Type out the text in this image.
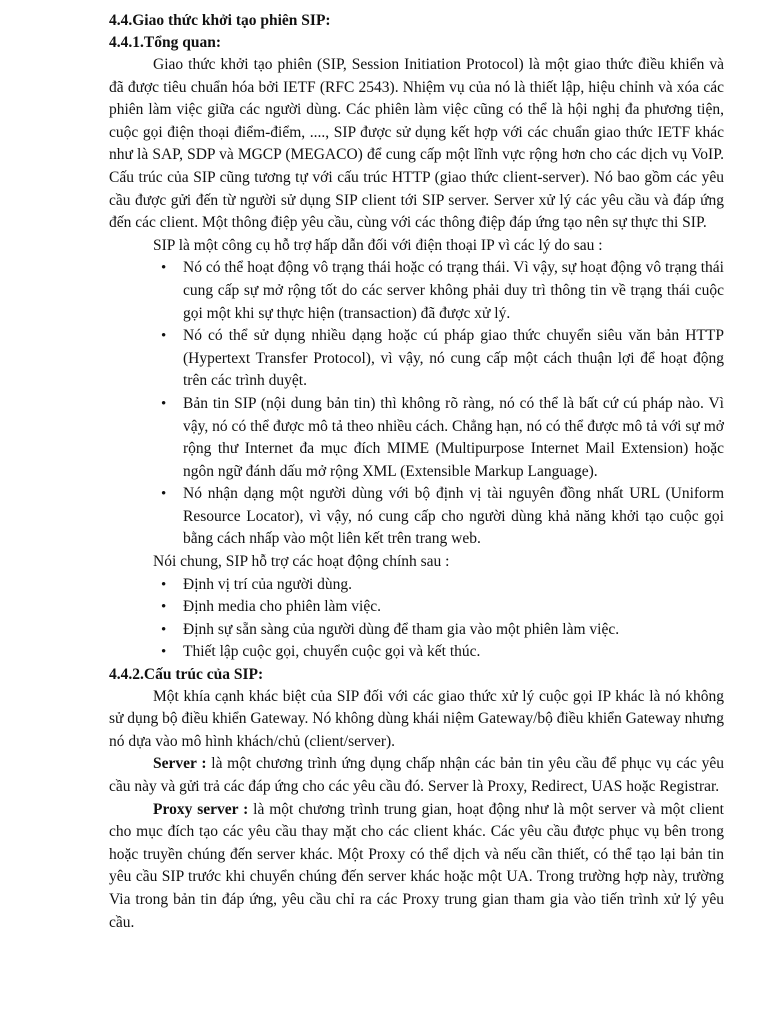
4.4.Giao thức khởi tạo phiên SIP:
4.4.1.Tổng quan:

Giao thức khởi tạo phiên (SIP, Session Initiation Protocol) là một giao thức điều khiển và đã được tiêu chuẩn hóa bởi IETF (RFC 2543). Nhiệm vụ của nó là thiết lập, hiệu chỉnh và xóa các phiên làm việc giữa các người dùng. Các phiên làm việc cũng có thể là hội nghị đa phương tiện, cuộc gọi điện thoại điểm-điểm, ...., SIP được sử dụng kết hợp với các chuẩn giao thức IETF khác như là SAP, SDP và MGCP (MEGACO) để cung cấp một lĩnh vực rộng hơn cho các dịch vụ VoIP. Cấu trúc của SIP cũng tương tự với cấu trúc HTTP (giao thức client-server). Nó bao gồm các yêu cầu được gửi đến từ người sử dụng SIP client tới SIP server. Server xử lý các yêu cầu và đáp ứng đến các client. Một thông điệp yêu cầu, cùng với các thông điệp đáp ứng tạo nên sự thực thi SIP.

SIP là một công cụ hỗ trợ hấp dẫn đối với điện thoại IP vì các lý do sau :

• Nó có thể hoạt động vô trạng thái hoặc có trạng thái. Vì vậy, sự hoạt động vô trạng thái cung cấp sự mở rộng tốt do các server không phải duy trì thông tin về trạng thái cuộc gọi một khi sự thực hiện (transaction) đã được xử lý.
• Nó có thể sử dụng nhiều dạng hoặc cú pháp giao thức chuyển siêu văn bản HTTP (Hypertext Transfer Protocol), vì vậy, nó cung cấp một cách thuận lợi để hoạt động trên các trình duyệt.
• Bản tin SIP (nội dung bản tin) thì không rõ ràng, nó có thể là bất cứ cú pháp nào. Vì vậy, nó có thể được mô tả theo nhiều cách. Chẳng hạn, nó có thể được mô tả với sự mở rộng thư Internet đa mục đích MIME (Multipurpose Internet Mail Extension) hoặc ngôn ngữ đánh dấu mở rộng XML (Extensible Markup Language).
• Nó nhận dạng một người dùng với bộ định vị tài nguyên đồng nhất URL (Uniform Resource Locator), vì vậy, nó cung cấp cho người dùng khả năng khởi tạo cuộc gọi bằng cách nhấp vào một liên kết trên trang web.

Nói chung, SIP hỗ trợ các hoạt động chính sau :

• Định vị trí của người dùng.
• Định media cho phiên làm việc.
• Định sự sẵn sàng của người dùng để tham gia vào một phiên làm việc.
• Thiết lập cuộc gọi, chuyển cuộc gọi và kết thúc.
4.4.2.Cấu trúc của SIP:

Một khía cạnh khác biệt của SIP đối với các giao thức xử lý cuộc gọi IP khác là nó không sử dụng bộ điều khiển Gateway. Nó không dùng khái niệm Gateway/bộ điều khiển Gateway nhưng nó dựa vào mô hình khách/chủ (client/server).

Server : là một chương trình ứng dụng chấp nhận các bản tin yêu cầu để phục vụ các yêu cầu này và gửi trả các đáp ứng cho các yêu cầu đó. Server là Proxy, Redirect, UAS hoặc Registrar.

Proxy server : là một chương trình trung gian, hoạt động như là một server và một client cho mục đích tạo các yêu cầu thay mặt cho các client khác. Các yêu cầu được phục vụ bên trong hoặc truyền chúng đến server khác. Một Proxy có thể dịch và nếu cần thiết, có thể tạo lại bản tin yêu cầu SIP trước khi chuyển chúng đến server khác hoặc một UA. Trong trường hợp này, trường Via trong bản tin đáp ứng, yêu cầu chỉ ra các Proxy trung gian tham gia vào tiến trình xử lý yêu cầu.
